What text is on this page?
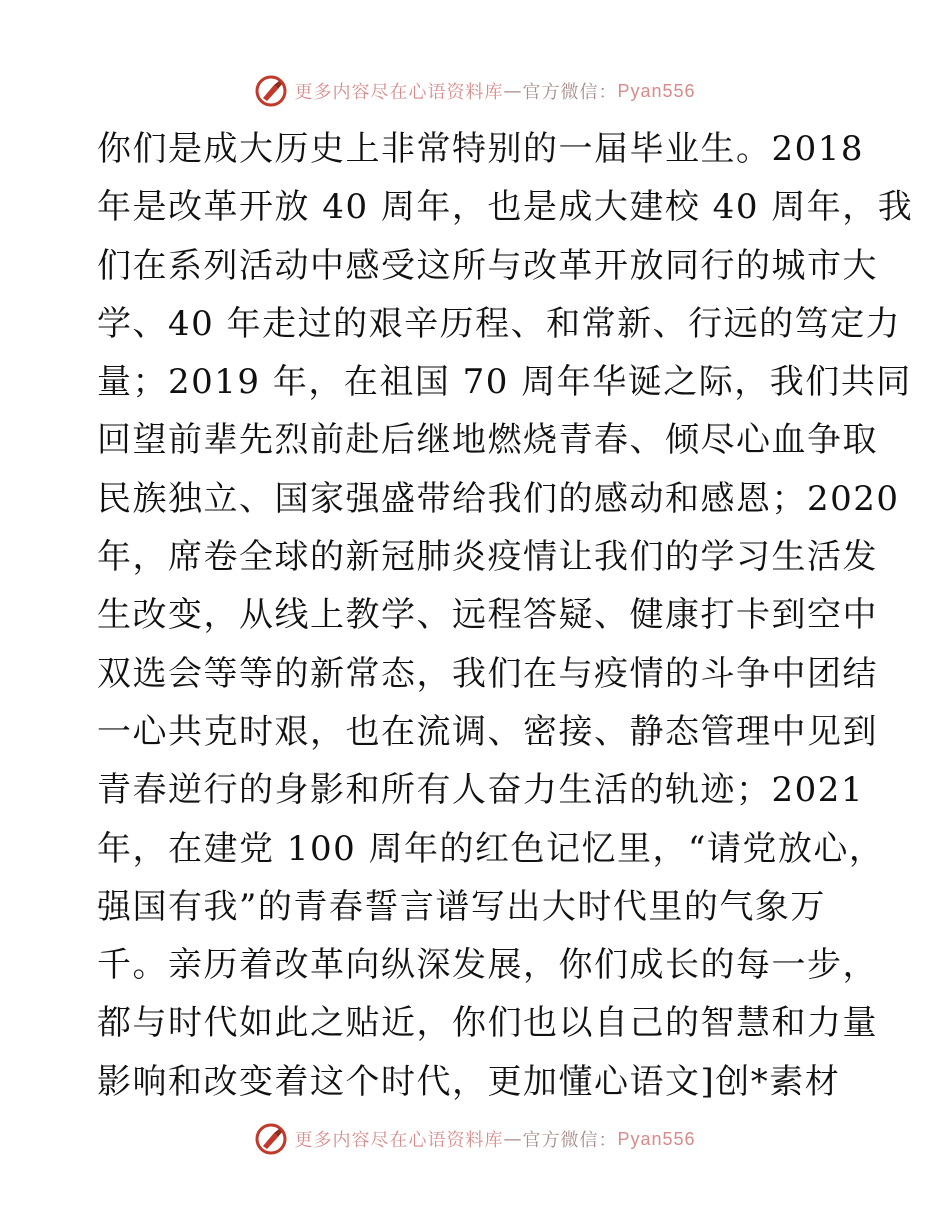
更多内容尽在心语资料库 — 官方微信： Pyan556
你们是成大历史上非常特别的一届毕业生。2018
年是改革开放 40 周年，也是成大建校 40 周年，我
们在系列活动中感受这所与改革开放同行的城市大
学、40 年走过的艰辛历程、和常新、行远的笃定力
量；2019 年，在祖国 70 周年华诞之际，我们共同
回望前辈先烈前赴后继地燃烧青春、倾尽心血争取
民族独立、国家强盛带给我们的感动和感恩；2020
年，席卷全球的新冠肺炎疫情让我们的学习生活发
生改变，从线上教学、远程答疑、健康打卡到空中
双选会等等的新常态，我们在与疫情的斗争中团结
一心共克时艰，也在流调、密接、静态管理中见到
青春逆行的身影和所有人奋力生活的轨迹；2021
年，在建党 100 周年的红色记忆里，“请党放心，
强国有我”的青春誓言谱写出大时代里的气象万
千。亲历着改革向纵深发展，你们成长的每一步，
都与时代如此之贴近，你们也以自己的智慧和力量
影响和改变着这个时代，更加懂心语文]创*素材
更多内容尽在心语资料库 — 官方微信： Pyan556
